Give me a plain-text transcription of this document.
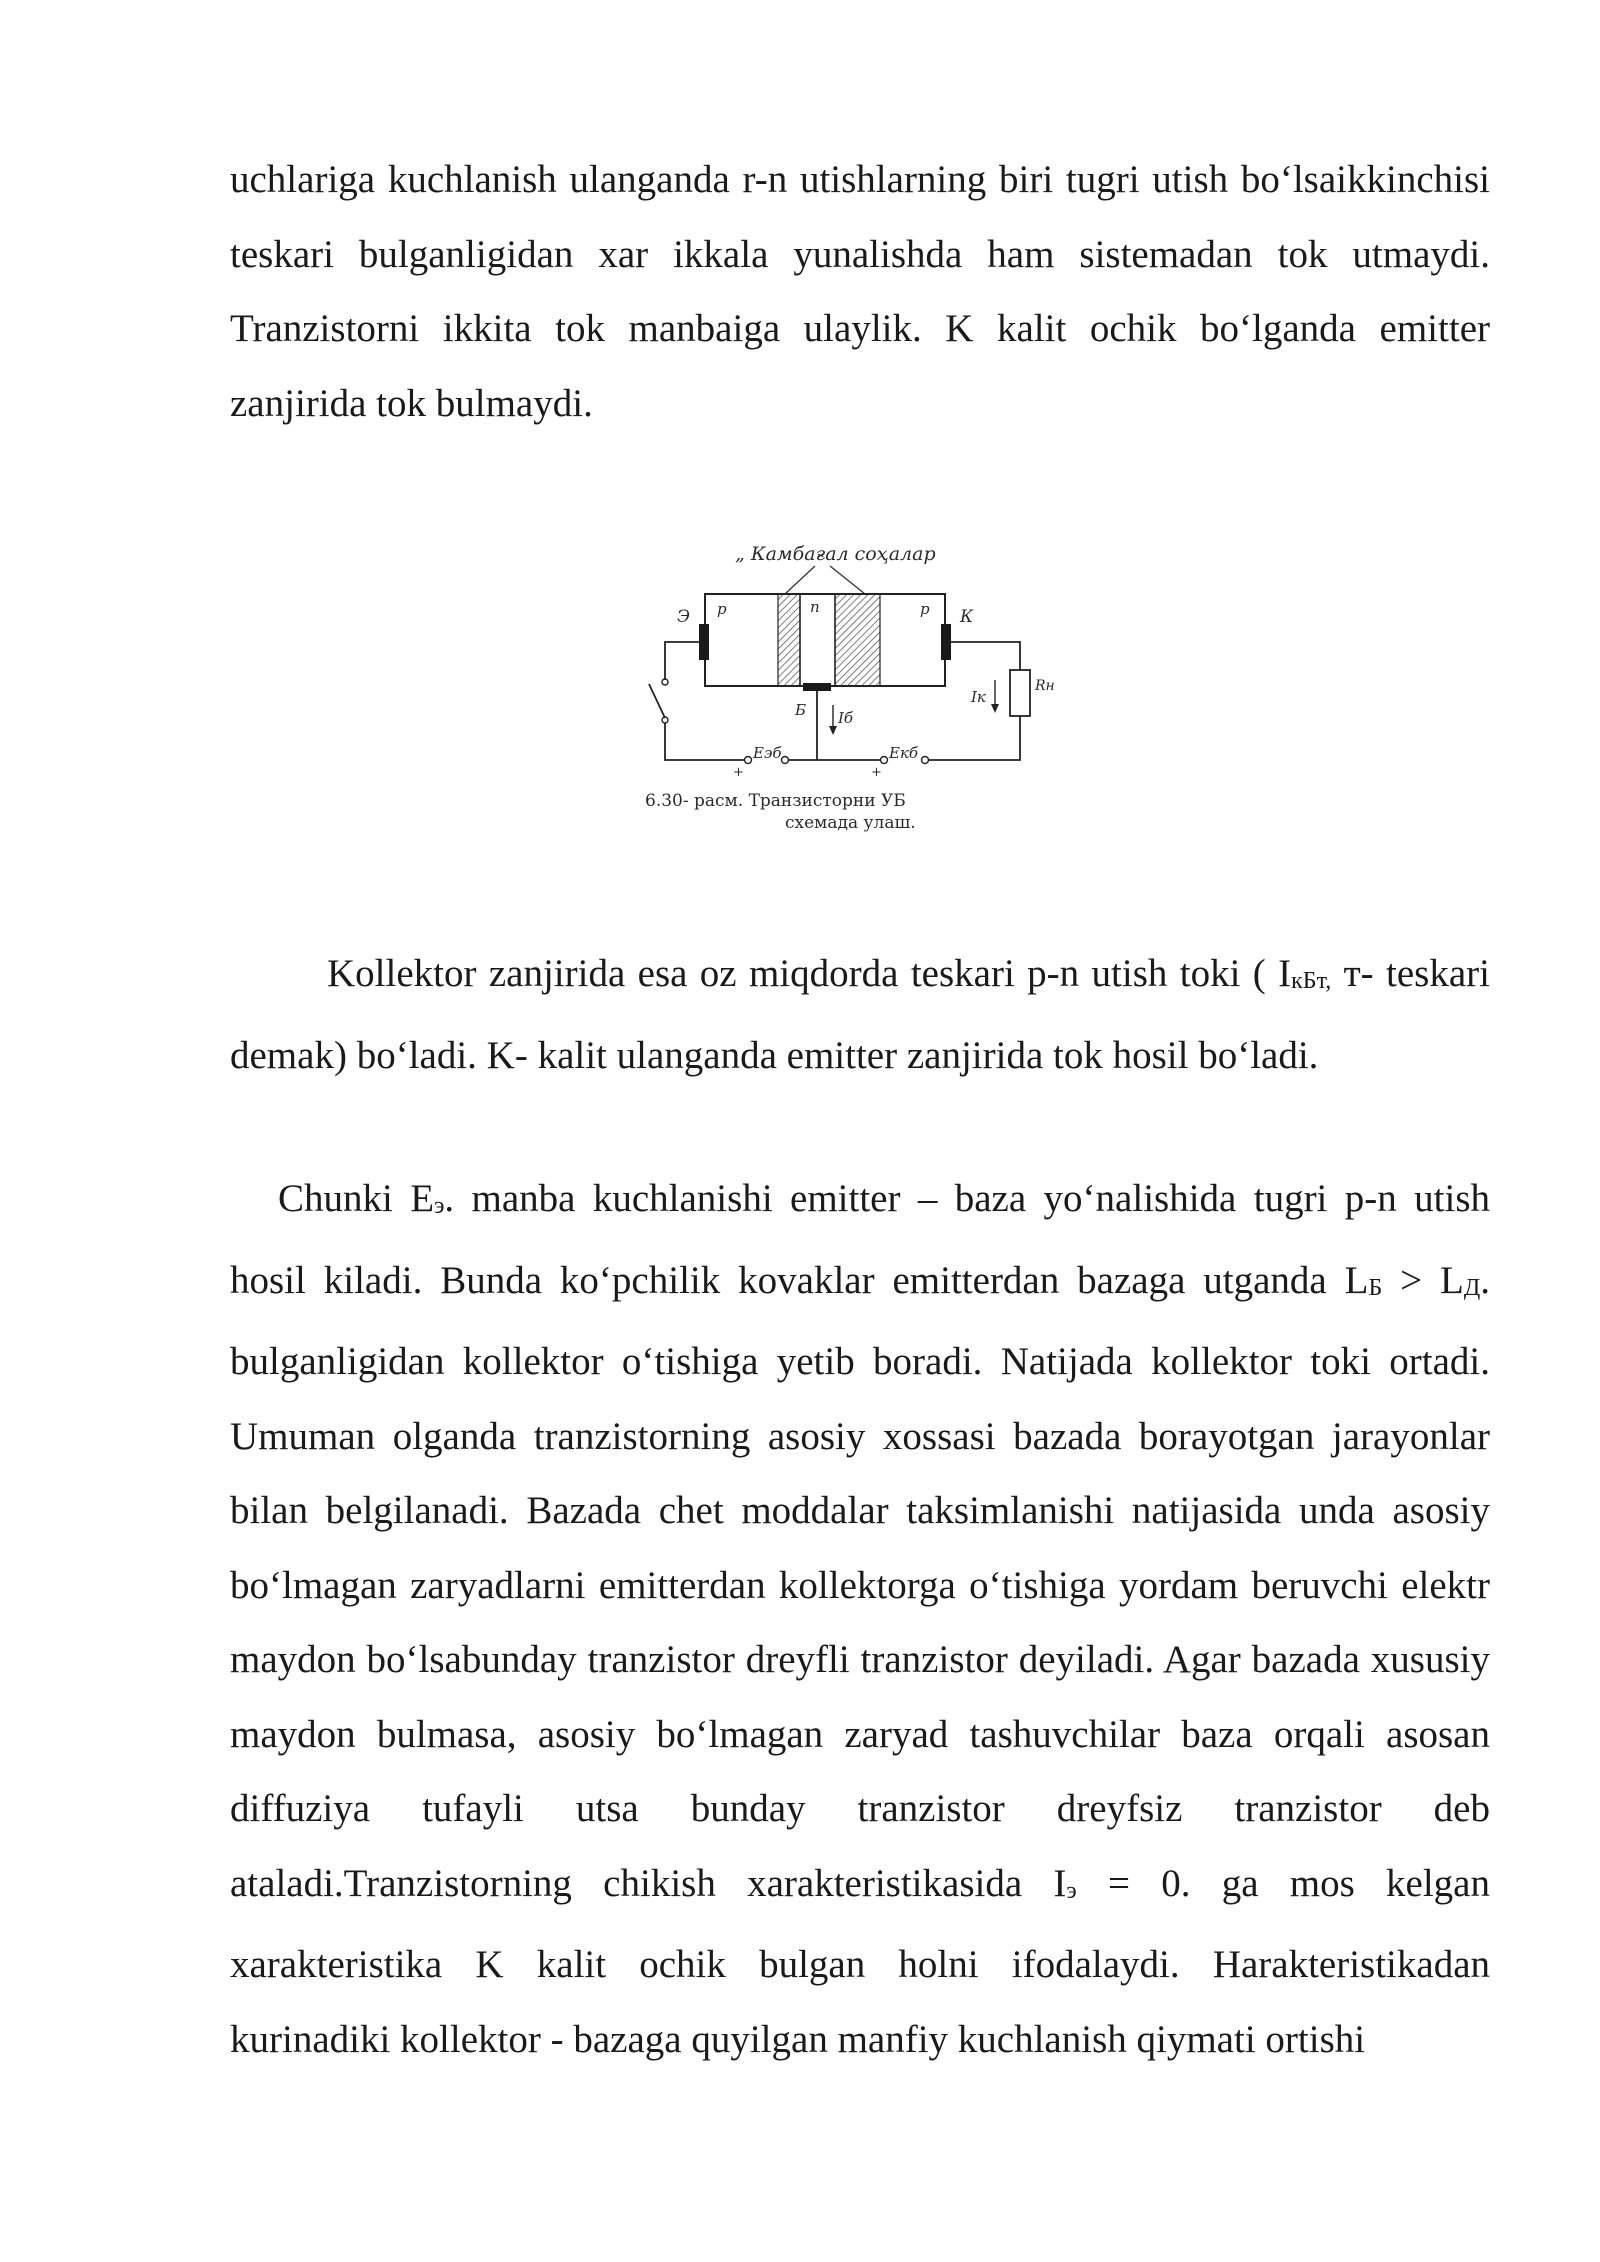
uchlariga kuchlanish ulanganda r-n utishlarning biri tugri utish bo‘lsaikkinchisi teskari bulganligidan xar ikkala yunalishda ham sistemadan tok utmaydi. Tranzistorni ikkita tok manbaiga ulaylik. K kalit ochik bo‘lganda emitter zanjirida tok bulmaydi.

„ Камбағал соҳалар
Э р	п	р К
Б
+
Eэб
Iб
+
Eкб
Rн
Iк
6.30- расм. Транзисторни УБ
схемада улаш.

Kollektor zanjirida esa oz miqdorda teskari p-n utish toki ( IкБт, т- teskari demak) bo‘ladi. K- kalit ulanganda emitter zanjirida tok hosil bo‘ladi.

Chunki Eэ. manba kuchlanishi emitter – baza yo‘nalishida tugri p-n utish hosil kiladi. Bunda ko‘pchilik kovaklar emitterdan bazaga utganda LБ > LД. bulganligidan kollektor o‘tishiga yetib boradi. Natijada kollektor toki ortadi. Umuman olganda tranzistorning asosiy xossasi bazada borayotgan jarayonlar bilan belgilanadi. Bazada chet moddalar taksimlanishi natijasida unda asosiy bo‘lmagan zaryadlarni emitterdan kollektorga o‘tishiga yordam beruvchi elektr maydon bo‘lsabunday tranzistor dreyfli tranzistor deyiladi. Agar bazada xususiy maydon bulmasa, asosiy bo‘lmagan zaryad tashuvchilar baza orqali asosan diffuziya tufayli utsa bunday tranzistor dreyfsiz tranzistor deb ataladi.Tranzistorning chikish xarakteristikasida Iэ = 0. ga mos kelgan xarakteristika K kalit ochik bulgan holni ifodalaydi. Harakteristikadan kurinadiki kollektor - bazaga quyilgan manfiy kuchlanish qiymati ortishi
